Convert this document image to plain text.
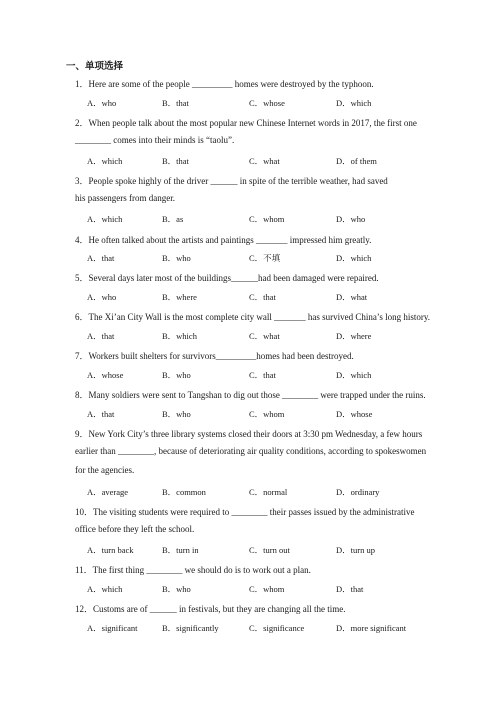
一、单项选择
1．Here are some of the people _________ homes were destroyed by the typhoon.
A．who	B．that	C．whose	D．which
2．When people talk about the most popular new Chinese Internet words in 2017, the first one
________ comes into their minds is “taolu”.
A．which	B．that	C．what	D．of them
3．People spoke highly of the driver ______ in spite of the terrible weather, had saved
his passengers from danger.
A．which	B．as	C．whom	D．who
4．He often talked about the artists and paintings _______ impressed him greatly.
A．that	B．who	C．不填	D．which
5．Several days later most of the buildings______had been damaged were repaired.
A．who	B．where	C．that	D．what
6．The Xi’an City Wall is the most complete city wall _______ has survived China’s long history.
A．that	B．which	C．what	D．where
7．Workers built shelters for survivors_________homes had been destroyed.
A．whose	B．who	C．that	D．which
8．Many soldiers were sent to Tangshan to dig out those ________ were trapped under the ruins.
A．that	B．who	C．whom	D．whose
9．New York City’s three library systems closed their doors at 3:30 pm Wednesday, a few hours
earlier than ________, because of deteriorating air quality conditions, according to spokeswomen
for the agencies.
A．average	B．common	C．normal	D．ordinary
10．The visiting students were required to ________ their passes issued by the administrative
office before they left the school.
A．turn back	B．turn in	C．turn out	D．turn up
11．The first thing ________ we should do is to work out a plan.
A．which	B．who	C．whom	D．that
12．Customs are of ______ in festivals, but they are changing all the time.
A．significant	B．significantly	C．significance	D．more significant
